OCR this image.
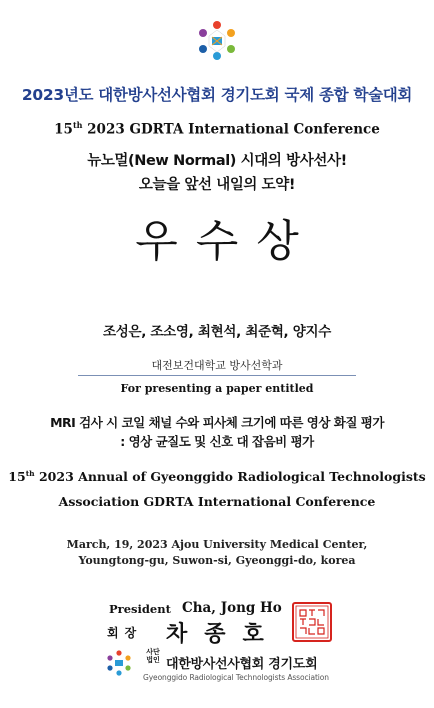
2023년도 대한방사선사협회 경기도회 국제 종합 학술대회
15th 2023 GDRTA International Conference
뉴노멀(New Normal) 시대의 방사선사!
오늘을 앞선 내일의 도약!
우수상
조성은, 조소영, 최현석, 최준혁, 양지수
대전보건대학교 방사선학과
For presenting a paper entitled
MRI 검사 시 코일 채널 수와 피사체 크기에 따른 영상 화질 평가
: 영상 균질도 및 신호 대 잡음비 평가
15th 2023 Annual of Gyeonggido Radiological Technologists
Association GDRTA International Conference
March, 19, 2023 Ajou University Medical Center,
Youngtong-gu, Suwon-si, Gyeonggi-do, korea
President Cha, Jong Ho
회장 차종호
사단
법인 대한방사선사협회 경기도회
Gyeonggido Radiological Technologists Association
